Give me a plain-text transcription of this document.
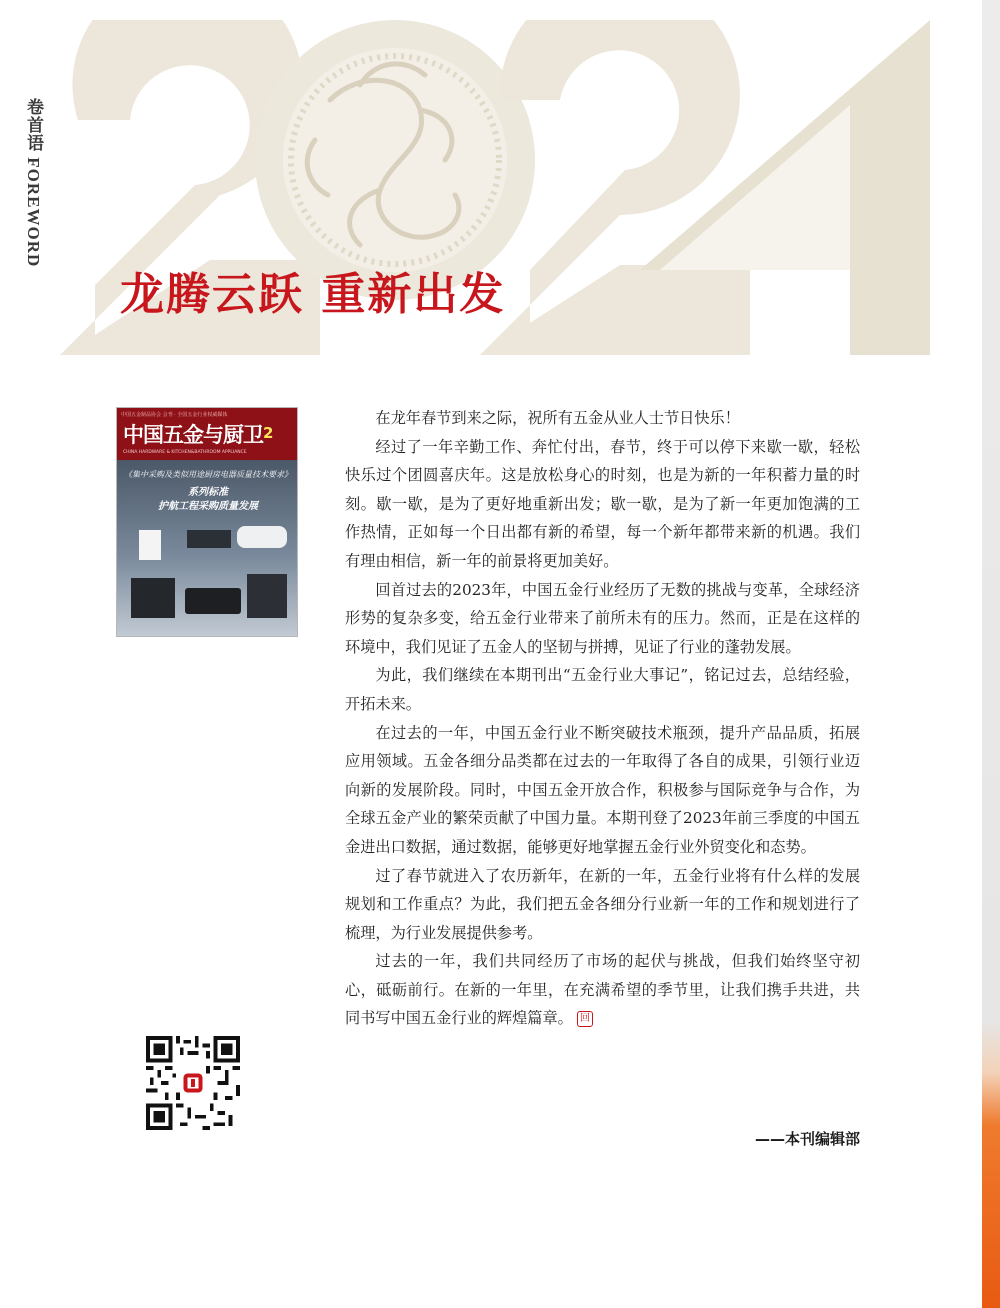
卷首语 FOREWORD
龙腾云跃 重新出发
中国五金制品协会 会刊 · 全国五金行业权威媒体
中国五金与厨卫 2
CHINA HARDWARE & KITCHEN&BATHROOM APPLIANCE
《集中采购及类似用途厨房电器质量技术要求》
系列标准
护航工程采购质量发展

在龙年春节到来之际，祝所有五金从业人士节日快乐！

经过了一年辛勤工作、奔忙付出，春节，终于可以停下来歇一歇，轻松快乐过个团圆喜庆年。这是放松身心的时刻，也是为新的一年积蓄力量的时刻。歇一歇，是为了更好地重新出发；歇一歇，是为了新一年更加饱满的工作热情，正如每一个日出都有新的希望，每一个新年都带来新的机遇。我们有理由相信，新一年的前景将更加美好。

回首过去的2023年，中国五金行业经历了无数的挑战与变革，全球经济形势的复杂多变，给五金行业带来了前所未有的压力。然而，正是在这样的环境中，我们见证了五金人的坚韧与拼搏，见证了行业的蓬勃发展。

为此，我们继续在本期刊出“五金行业大事记”，铭记过去，总结经验，开拓未来。

在过去的一年，中国五金行业不断突破技术瓶颈，提升产品品质，拓展应用领域。五金各细分品类都在过去的一年取得了各自的成果，引领行业迈向新的发展阶段。同时，中国五金开放合作，积极参与国际竞争与合作，为全球五金产业的繁荣贡献了中国力量。本期刊登了2023年前三季度的中国五金进出口数据，通过数据，能够更好地掌握五金行业外贸变化和态势。

过了春节就进入了农历新年，在新的一年，五金行业将有什么样的发展规划和工作重点？为此，我们把五金各细分行业新一年的工作和规划进行了梳理，为行业发展提供参考。

过去的一年，我们共同经历了市场的起伏与挑战，但我们始终坚守初心，砥砺前行。在新的一年里，在充满希望的季节里，让我们携手共进，共同书写中国五金行业的辉煌篇章。 回

——本刊编辑部
